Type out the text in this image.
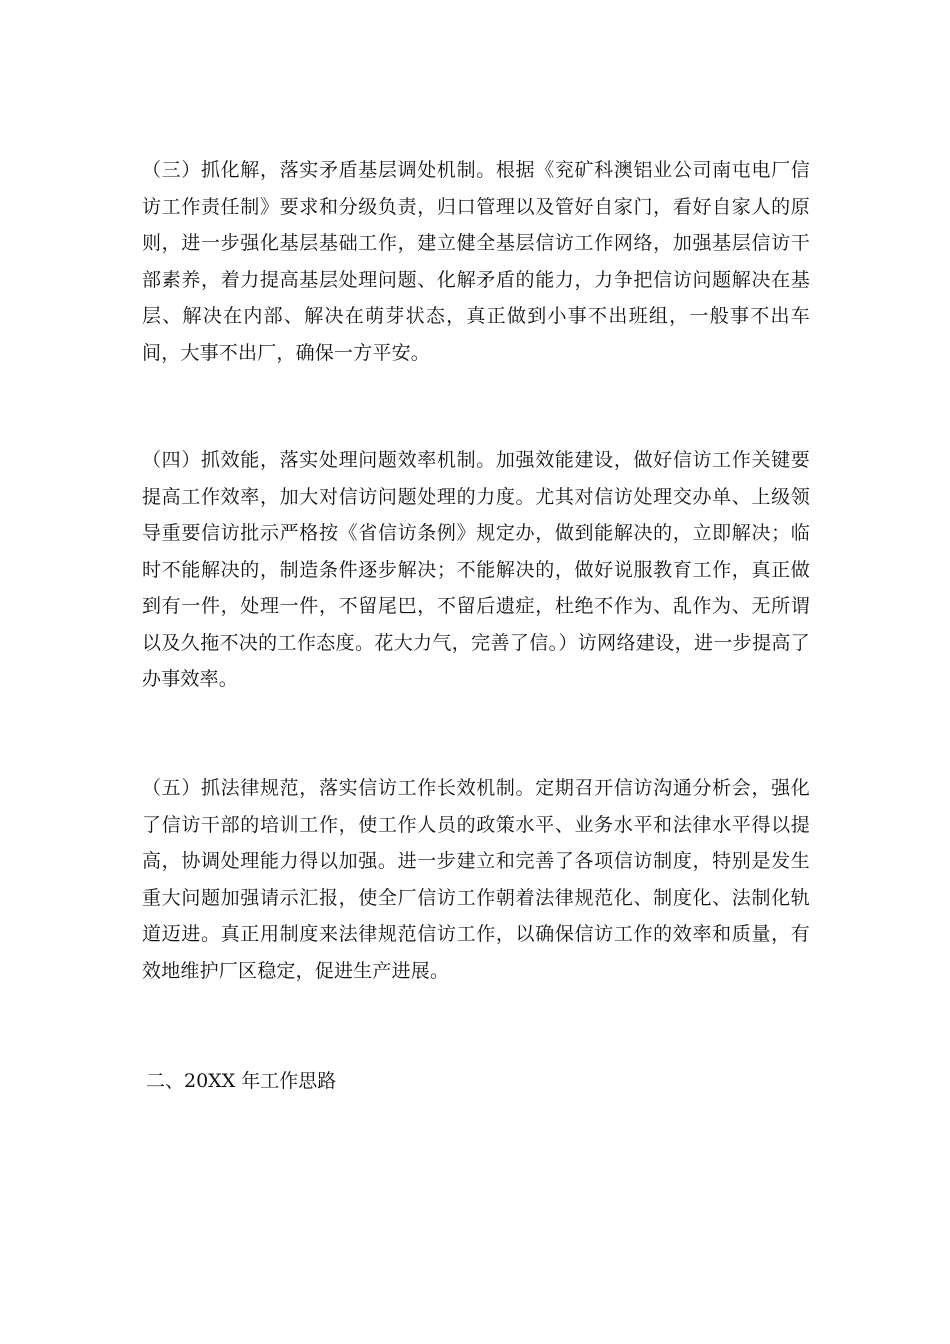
（三）抓化解，落实矛盾基层调处机制。根据《兖矿科澳铝业公司南屯电厂信访工作责任制》要求和分级负责，归口管理以及管好自家门，看好自家人的原则，进一步强化基层基础工作，建立健全基层信访工作网络，加强基层信访干部素养，着力提高基层处理问题、化解矛盾的能力，力争把信访问题解决在基层、解决在内部、解决在萌芽状态，真正做到小事不出班组，一般事不出车间，大事不出厂，确保一方平安。

（四）抓效能，落实处理问题效率机制。加强效能建设，做好信访工作关键要提高工作效率，加大对信访问题处理的力度。尤其对信访处理交办单、上级领导重要信访批示严格按《省信访条例》规定办，做到能解决的，立即解决；临时不能解决的，制造条件逐步解决；不能解决的，做好说服教育工作，真正做到有一件，处理一件，不留尾巴，不留后遗症，杜绝不作为、乱作为、无所谓以及久拖不决的工作态度。花大力气，完善了信。）访网络建设，进一步提高了办事效率。

（五）抓法律规范，落实信访工作长效机制。定期召开信访沟通分析会，强化了信访干部的培训工作，使工作人员的政策水平、业务水平和法律水平得以提高，协调处理能力得以加强。进一步建立和完善了各项信访制度，特别是发生重大问题加强请示汇报，使全厂信访工作朝着法律规范化、制度化、法制化轨道迈进。真正用制度来法律规范信访工作，以确保信访工作的效率和质量，有效地维护厂区稳定，促进生产进展。

二、20XX 年工作思路
